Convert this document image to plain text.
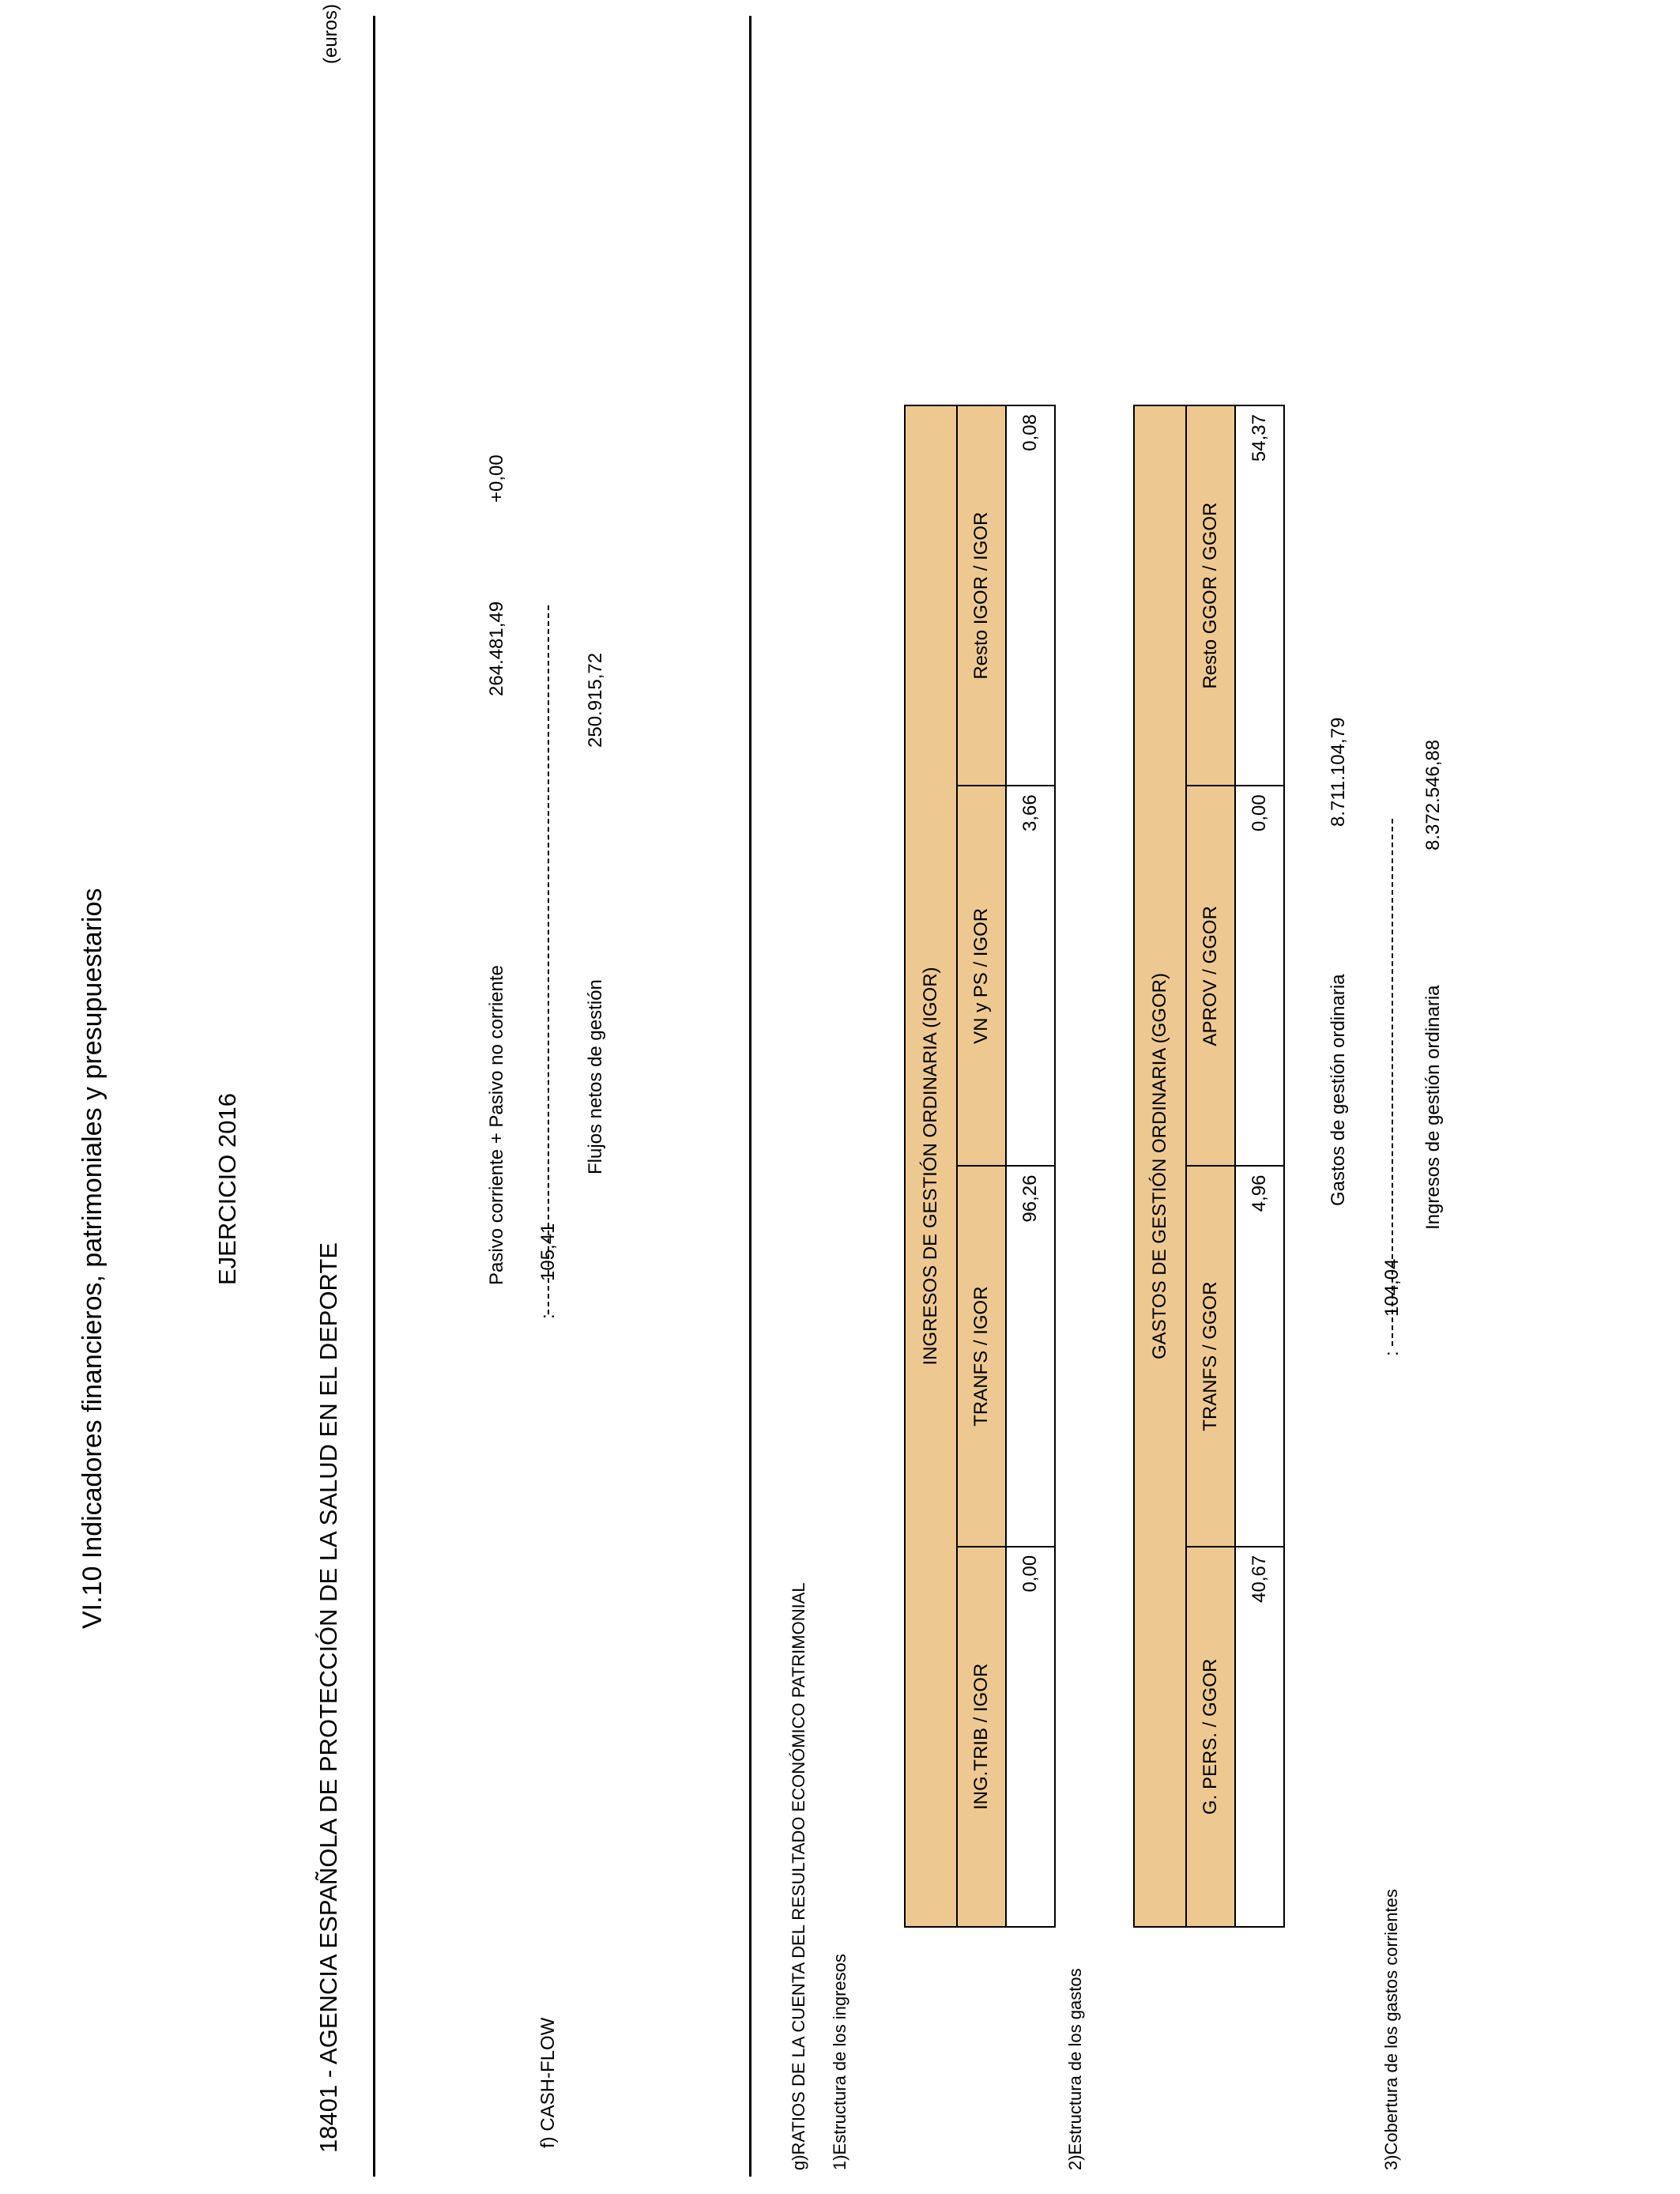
VI.10 Indicadores financieros, patrimoniales y presupuestarios	EJERCICIO 2016
18401 - AGENCIA ESPAÑOLA DE PROTECCIÓN DE LA SALUD EN EL DEPORTE
(euros)
f) CASH-FLOW
105,41
:
Pasivo corriente + Pasivo no corriente
264.481,49
+0,00
Flujos netos de gestión
250.915,72
g)RATIOS DE LA CUENTA DEL RESULTADO ECONÓMICO PATRIMONIAL 1)Estructura de los ingresos
INGRESOS DE GESTIÓN ORDINARIA (IGOR)			
ING.TRIB / IGOR	TRANFS / IGOR	VN y PS / IGOR	Resto IGOR / IGOR
0,00	96,26	3,66	0,08
2)Estructura de los gastos
GASTOS DE GESTIÓN ORDINARIA (GGOR)			
G. PERS. / GGOR	TRANFS / GGOR	APROV / GGOR	Resto GGOR / GGOR
40,67	4,96	0,00	54,37
3)Cobertura de los gastos corrientes
104,04
:
Gastos de gestión ordinaria
8.711.104,79
Ingresos de gestión ordinaria
8.372.546,88
